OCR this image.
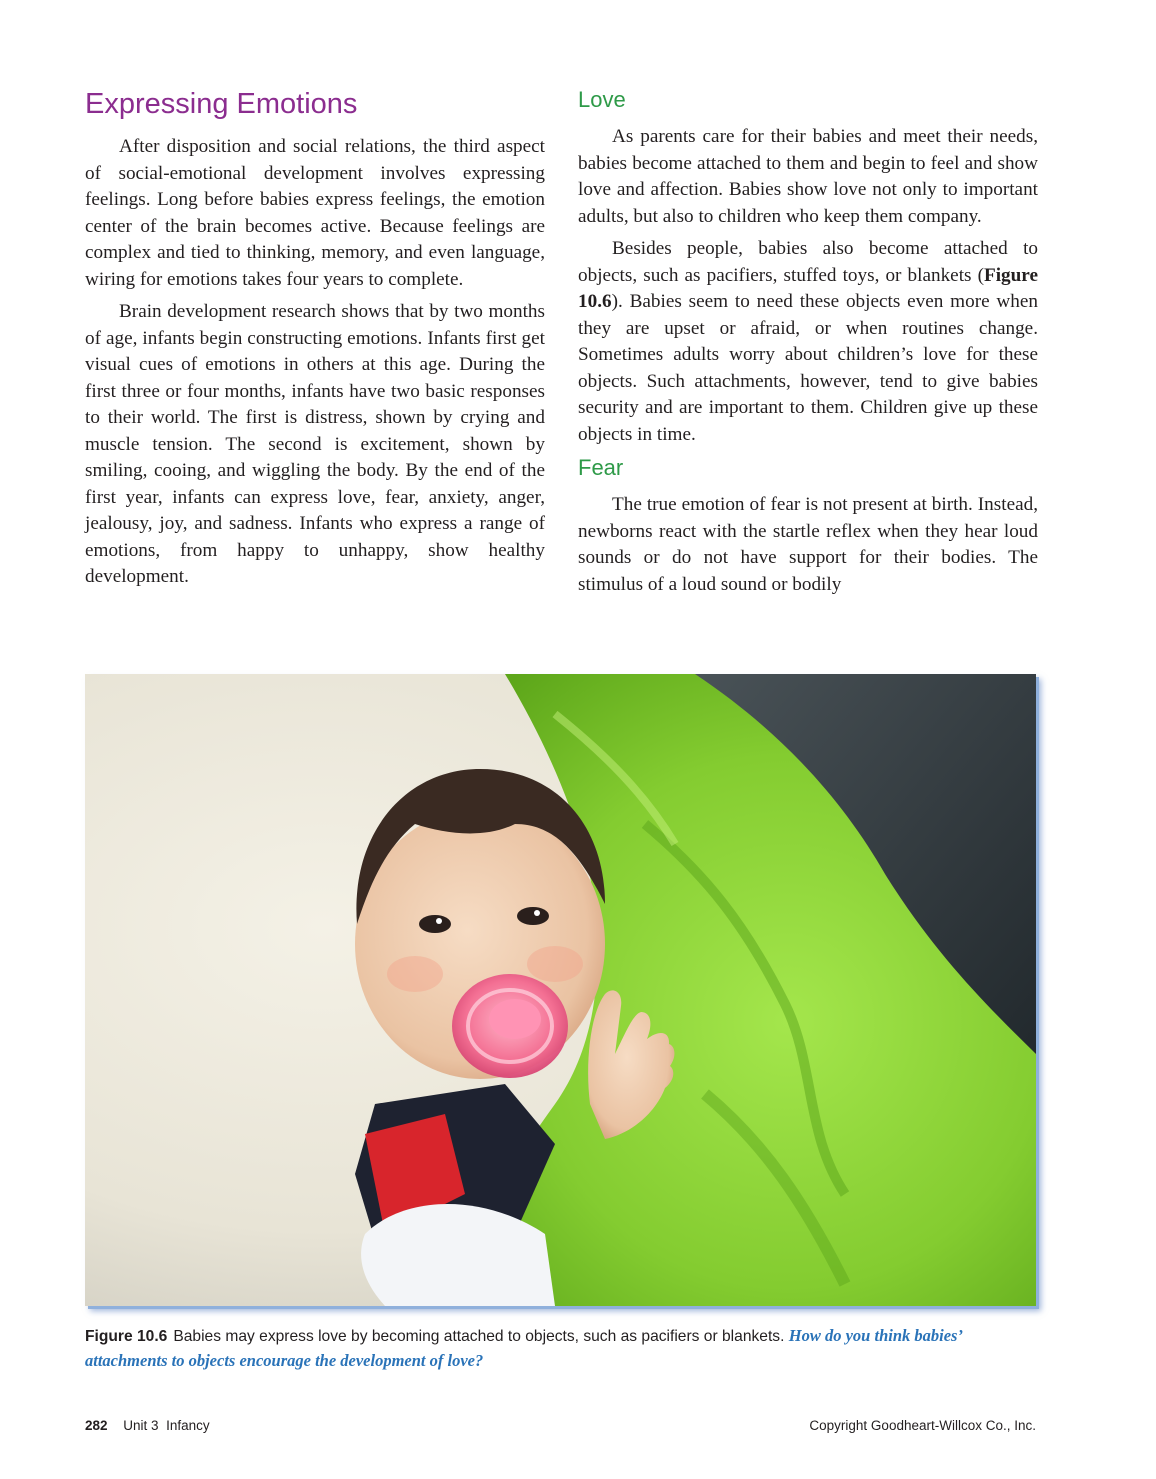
Expressing Emotions

After disposition and social relations, the third aspect of social-emotional development involves expressing feelings. Long before babies express feelings, the emotion center of the brain becomes active. Because feelings are complex and tied to thinking, memory, and even language, wiring for emotions takes four years to complete.

Brain development research shows that by two months of age, infants begin constructing emotions. Infants first get visual cues of emotions in others at this age. During the first three or four months, infants have two basic responses to their world. The first is distress, shown by crying and muscle tension. The second is excitement, shown by smiling, cooing, and wiggling the body. By the end of the first year, infants can express love, fear, anxiety, anger, jealousy, joy, and sadness. Infants who express a range of emotions, from happy to unhappy, show healthy development.

Love

As parents care for their babies and meet their needs, babies become attached to them and begin to feel and show love and affection. Babies show love not only to important adults, but also to children who keep them company.

Besides people, babies also become attached to objects, such as pacifiers, stuffed toys, or blankets (Figure 10.6). Babies seem to need these objects even more when they are upset or afraid, or when routines change. Sometimes adults worry about children’s love for these objects. Such attachments, however, tend to give babies security and are important to them. Children give up these objects in time.

Fear

The true emotion of fear is not present at birth. Instead, newborns react with the startle reflex when they hear loud sounds or do not have support for their bodies. The stimulus of a loud sound or bodily

Figure 10.6 Babies may express love by becoming attached to objects, such as pacifiers or blankets. How do you think babies’ attachments to objects encourage the development of love?
282 Unit 3 Infancy	Copyright Goodheart-Willcox Co., Inc.
